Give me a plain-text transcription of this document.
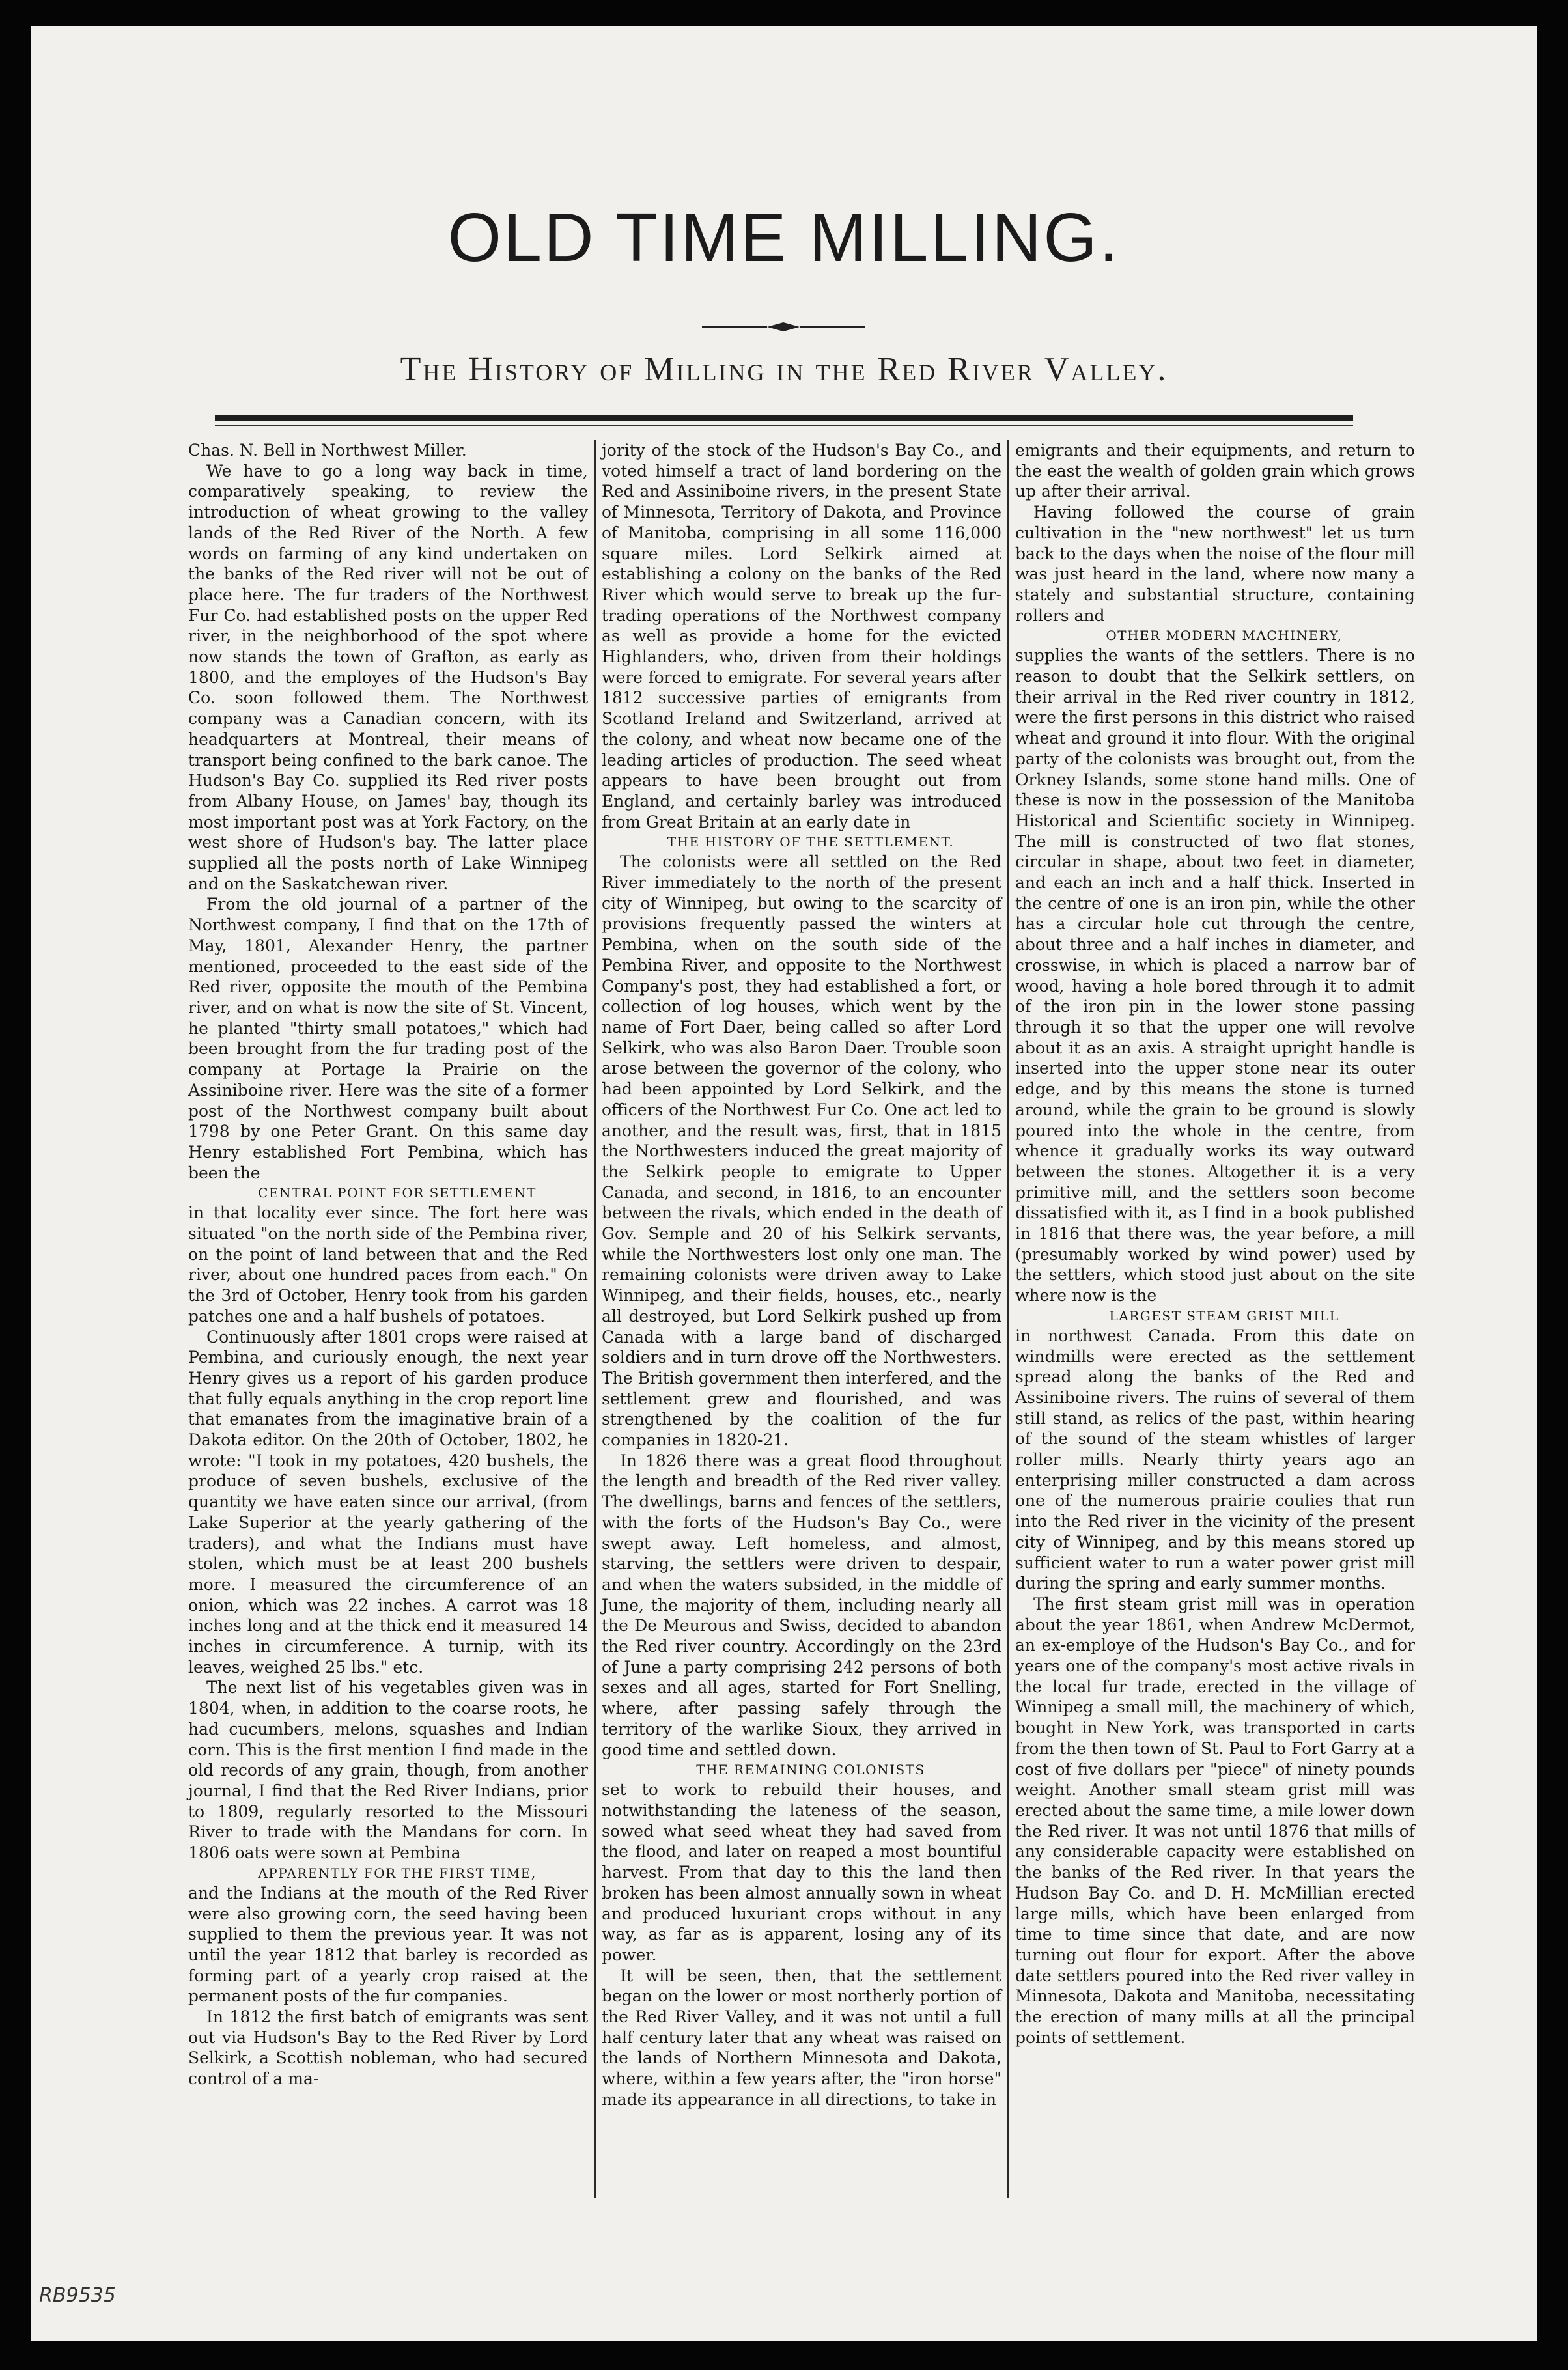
OLD TIME MILLING.
The History of Milling in the Red River Valley.

Chas. N. Bell in Northwest Miller.

We have to go a long way back in time, comparatively speaking, to review the introduction of wheat growing to the valley lands of the Red River of the North. A few words on farming of any kind undertaken on the banks of the Red river will not be out of place here. The fur traders of the Northwest Fur Co. had established posts on the upper Red river, in the neighborhood of the spot where now stands the town of Grafton, as early as 1800, and the employes of the Hudson's Bay Co. soon followed them. The Northwest company was a Canadian concern, with its headquarters at Montreal, their means of transport being confined to the bark canoe. The Hudson's Bay Co. supplied its Red river posts from Albany House, on James' bay, though its most important post was at York Factory, on the west shore of Hudson's bay. The latter place supplied all the posts north of Lake Winnipeg and on the Saskatchewan river.

From the old journal of a partner of the Northwest company, I find that on the 17th of May, 1801, Alexander Henry, the partner mentioned, proceeded to the east side of the Red river, opposite the mouth of the Pembina river, and on what is now the site of St. Vincent, he planted "thirty small potatoes," which had been brought from the fur trading post of the company at Portage la Prairie on the Assiniboine river. Here was the site of a former post of the Northwest company built about 1798 by one Peter Grant. On this same day Henry established Fort Pembina, which has been the

CENTRAL POINT FOR SETTLEMENT

in that locality ever since. The fort here was situated "on the north side of the Pembina river, on the point of land between that and the Red river, about one hundred paces from each." On the 3rd of October, Henry took from his garden patches one and a half bushels of potatoes.

Continuously after 1801 crops were raised at Pembina, and curiously enough, the next year Henry gives us a report of his garden produce that fully equals anything in the crop report line that emanates from the imaginative brain of a Dakota editor. On the 20th of October, 1802, he wrote: "I took in my potatoes, 420 bushels, the produce of seven bushels, exclusive of the quantity we have eaten since our arrival, (from Lake Superior at the yearly gathering of the traders), and what the Indians must have stolen, which must be at least 200 bushels more. I measured the circumference of an onion, which was 22 inches. A carrot was 18 inches long and at the thick end it measured 14 inches in circumference. A turnip, with its leaves, weighed 25 lbs." etc.

The next list of his vegetables given was in 1804, when, in addition to the coarse roots, he had cucumbers, melons, squashes and Indian corn. This is the first mention I find made in the old records of any grain, though, from another journal, I find that the Red River Indians, prior to 1809, regularly resorted to the Missouri River to trade with the Mandans for corn. In 1806 oats were sown at Pembina

APPARENTLY FOR THE FIRST TIME,

and the Indians at the mouth of the Red River were also growing corn, the seed having been supplied to them the previous year. It was not until the year 1812 that barley is recorded as forming part of a yearly crop raised at the permanent posts of the fur companies.

In 1812 the first batch of emigrants was sent out via Hudson's Bay to the Red River by Lord Selkirk, a Scottish nobleman, who had secured control of a ma-

jority of the stock of the Hudson's Bay Co., and voted himself a tract of land bordering on the Red and Assiniboine rivers, in the present State of Minnesota, Territory of Dakota, and Province of Manitoba, comprising in all some 116,000 square miles. Lord Selkirk aimed at establishing a colony on the banks of the Red River which would serve to break up the fur-trading operations of the Northwest company as well as provide a home for the evicted Highlanders, who, driven from their holdings were forced to emigrate. For several years after 1812 successive parties of emigrants from Scotland Ireland and Switzerland, arrived at the colony, and wheat now became one of the leading articles of production. The seed wheat appears to have been brought out from England, and certainly barley was introduced from Great Britain at an early date in

THE HISTORY OF THE SETTLEMENT.

The colonists were all settled on the Red River immediately to the north of the present city of Winnipeg, but owing to the scarcity of provisions frequently passed the winters at Pembina, when on the south side of the Pembina River, and opposite to the Northwest Company's post, they had established a fort, or collection of log houses, which went by the name of Fort Daer, being called so after Lord Selkirk, who was also Baron Daer. Trouble soon arose between the governor of the colony, who had been appointed by Lord Selkirk, and the officers of the Northwest Fur Co. One act led to another, and the result was, first, that in 1815 the Northwesters induced the great majority of the Selkirk people to emigrate to Upper Canada, and second, in 1816, to an encounter between the rivals, which ended in the death of Gov. Semple and 20 of his Selkirk servants, while the Northwesters lost only one man. The remaining colonists were driven away to Lake Winnipeg, and their fields, houses, etc., nearly all destroyed, but Lord Selkirk pushed up from Canada with a large band of discharged soldiers and in turn drove off the Northwesters. The British government then interfered, and the settlement grew and flourished, and was strengthened by the coalition of the fur companies in 1820-21.

In 1826 there was a great flood throughout the length and breadth of the Red river valley. The dwellings, barns and fences of the settlers, with the forts of the Hudson's Bay Co., were swept away. Left homeless, and almost, starving, the settlers were driven to despair, and when the waters subsided, in the middle of June, the majority of them, including nearly all the De Meurous and Swiss, decided to abandon the Red river country. Accordingly on the 23rd of June a party comprising 242 persons of both sexes and all ages, started for Fort Snelling, where, after passing safely through the territory of the warlike Sioux, they arrived in good time and settled down.

THE REMAINING COLONISTS

set to work to rebuild their houses, and notwithstanding the lateness of the season, sowed what seed wheat they had saved from the flood, and later on reaped a most bountiful harvest. From that day to this the land then broken has been almost annually sown in wheat and produced luxuriant crops without in any way, as far as is apparent, losing any of its power.

It will be seen, then, that the settlement began on the lower or most northerly portion of the Red River Valley, and it was not until a full half century later that any wheat was raised on the lands of Northern Minnesota and Dakota, where, within a few years after, the "iron horse" made its appearance in all directions, to take in

emigrants and their equipments, and return to the east the wealth of golden grain which grows up after their arrival.

Having followed the course of grain cultivation in the "new northwest" let us turn back to the days when the noise of the flour mill was just heard in the land, where now many a stately and substantial structure, containing rollers and

OTHER MODERN MACHINERY,

supplies the wants of the settlers. There is no reason to doubt that the Selkirk settlers, on their arrival in the Red river country in 1812, were the first persons in this district who raised wheat and ground it into flour. With the original party of the colonists was brought out, from the Orkney Islands, some stone hand mills. One of these is now in the possession of the Manitoba Historical and Scientific society in Winnipeg. The mill is constructed of two flat stones, circular in shape, about two feet in diameter, and each an inch and a half thick. Inserted in the centre of one is an iron pin, while the other has a circular hole cut through the centre, about three and a half inches in diameter, and crosswise, in which is placed a narrow bar of wood, having a hole bored through it to admit of the iron pin in the lower stone passing through it so that the upper one will revolve about it as an axis. A straight upright handle is inserted into the upper stone near its outer edge, and by this means the stone is turned around, while the grain to be ground is slowly poured into the whole in the centre, from whence it gradually works its way outward between the stones. Altogether it is a very primitive mill, and the settlers soon become dissatisfied with it, as I find in a book published in 1816 that there was, the year before, a mill (presumably worked by wind power) used by the settlers, which stood just about on the site where now is the

LARGEST STEAM GRIST MILL

in northwest Canada. From this date on windmills were erected as the settlement spread along the banks of the Red and Assiniboine rivers. The ruins of several of them still stand, as relics of the past, within hearing of the sound of the steam whistles of larger roller mills. Nearly thirty years ago an enterprising miller constructed a dam across one of the numerous prairie coulies that run into the Red river in the vicinity of the present city of Winnipeg, and by this means stored up sufficient water to run a water power grist mill during the spring and early summer months.

The first steam grist mill was in operation about the year 1861, when Andrew McDermot, an ex-employe of the Hudson's Bay Co., and for years one of the company's most active rivals in the local fur trade, erected in the village of Winnipeg a small mill, the machinery of which, bought in New York, was transported in carts from the then town of St. Paul to Fort Garry at a cost of five dollars per "piece" of ninety pounds weight. Another small steam grist mill was erected about the same time, a mile lower down the Red river. It was not until 1876 that mills of any considerable capacity were established on the banks of the Red river. In that years the Hudson Bay Co. and D. H. McMillian erected large mills, which have been enlarged from time to time since that date, and are now turning out flour for export. After the above date settlers poured into the Red river valley in Minnesota, Dakota and Manitoba, necessitating the erection of many mills at all the principal points of settlement.

RB9535
